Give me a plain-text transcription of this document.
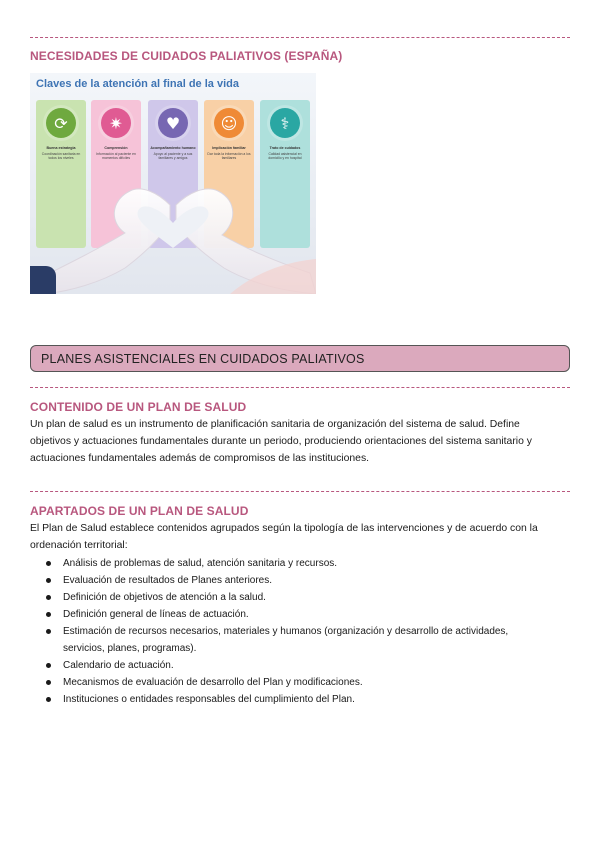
NECESIDADES DE CUIDADOS PALIATIVOS (ESPAÑA)
Claves de la atención al final de la vida
⟳
Buena estrategia
Coordinación sanitaria en todos los niveles
✷
Comprensión
Información al paciente en momentos difíciles
♥
Acompañamiento humano
Apoyo al paciente y a sus familiares y amigos
☺
Implicación familiar
Dar toda la información a los familiares
⚕
Trato de cuidados
Calidad asistencial en domicilio y en hospital
PLANES ASISTENCIALES EN CUIDADOS PALIATIVOS
CONTENIDO DE UN PLAN DE SALUD

Un plan de salud es un instrumento de planificación sanitaria de organización del sistema de salud. Define

objetivos y actuaciones fundamentales durante un periodo, produciendo orientaciones del sistema sanitario y

actuaciones fundamentales además de compromisos de las instituciones.

APARTADOS DE UN PLAN DE SALUD

El Plan de Salud establece contenidos agrupados según la tipología de las intervenciones y de acuerdo con la

ordenación territorial:

Análisis de problemas de salud, atención sanitaria y recursos.
Evaluación de resultados de Planes anteriores.
Definición de objetivos de atención a la salud.
Definición general de líneas de actuación.
Estimación de recursos necesarios, materiales y humanos (organización y desarrollo de actividades,
servicios, planes, programas).
Calendario de actuación.
Mecanismos de evaluación de desarrollo del Plan y modificaciones.
Instituciones o entidades responsables del cumplimiento del Plan.
